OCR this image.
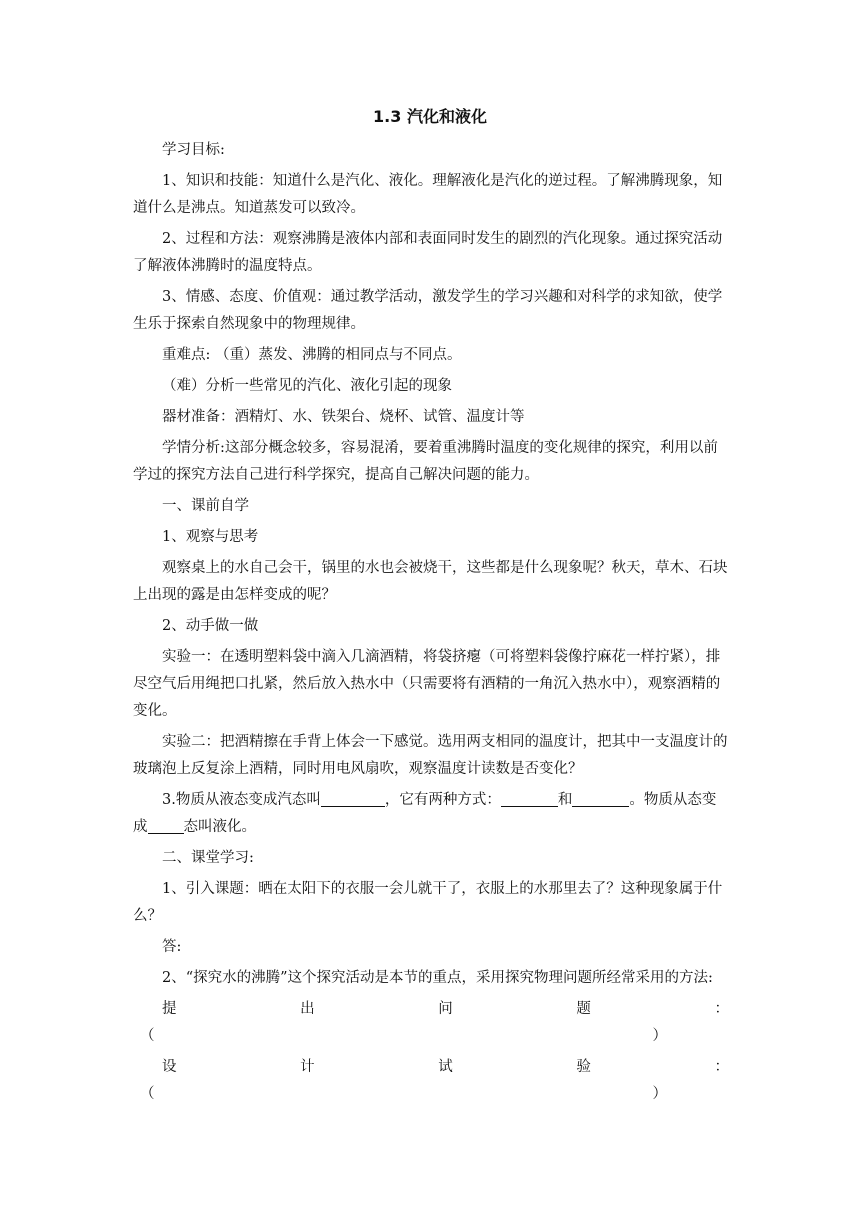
1.3 汽化和液化

学习目标:

1、知识和技能：知道什么是汽化、液化。理解液化是汽化的逆过程。了解沸腾现象，知道什么是沸点。知道蒸发可以致冷。

2、过程和方法：观察沸腾是液体内部和表面同时发生的剧烈的汽化现象。通过探究活动了解液体沸腾时的温度特点。

3、情感、态度、价值观：通过教学活动，激发学生的学习兴趣和对科学的求知欲，使学生乐于探索自然现象中的物理规律。

重难点: （重）蒸发、沸腾的相同点与不同点。

（难）分析一些常见的汽化、液化引起的现象

器材准备：酒精灯、水、铁架台、烧杯、试管、温度计等

学情分析:这部分概念较多，容易混淆，要着重沸腾时温度的变化规律的探究，利用以前学过的探究方法自己进行科学探究，提高自己解决问题的能力。

一、课前自学

1、观察与思考

观察桌上的水自己会干，锅里的水也会被烧干，这些都是什么现象呢？秋天，草木、石块上出现的露是由怎样变成的呢？

2、动手做一做

实验一：在透明塑料袋中滴入几滴酒精，将袋挤瘪（可将塑料袋像拧麻花一样拧紧），排尽空气后用绳把口扎紧，然后放入热水中（只需要将有酒精的一角沉入热水中），观察酒精的变化。

实验二：把酒精擦在手背上体会一下感觉。选用两支相同的温度计，把其中一支温度计的玻璃泡上反复涂上酒精，同时用电风扇吹，观察温度计读数是否变化？

3.物质从液态变成汽态叫	，它有两种方式：	和	。物质从态变成 态叫液化。

二、课堂学习:

1、引入课题：晒在太阳下的衣服一会儿就干了，衣服上的水那里去了？这种现象属于什么？

答:

2、“探究水的沸腾”这个探究活动是本节的重点，采用探究物理问题所经常采用的方法:

提	出	问	题	：
（	）
设	计	试	验	：
（	）
